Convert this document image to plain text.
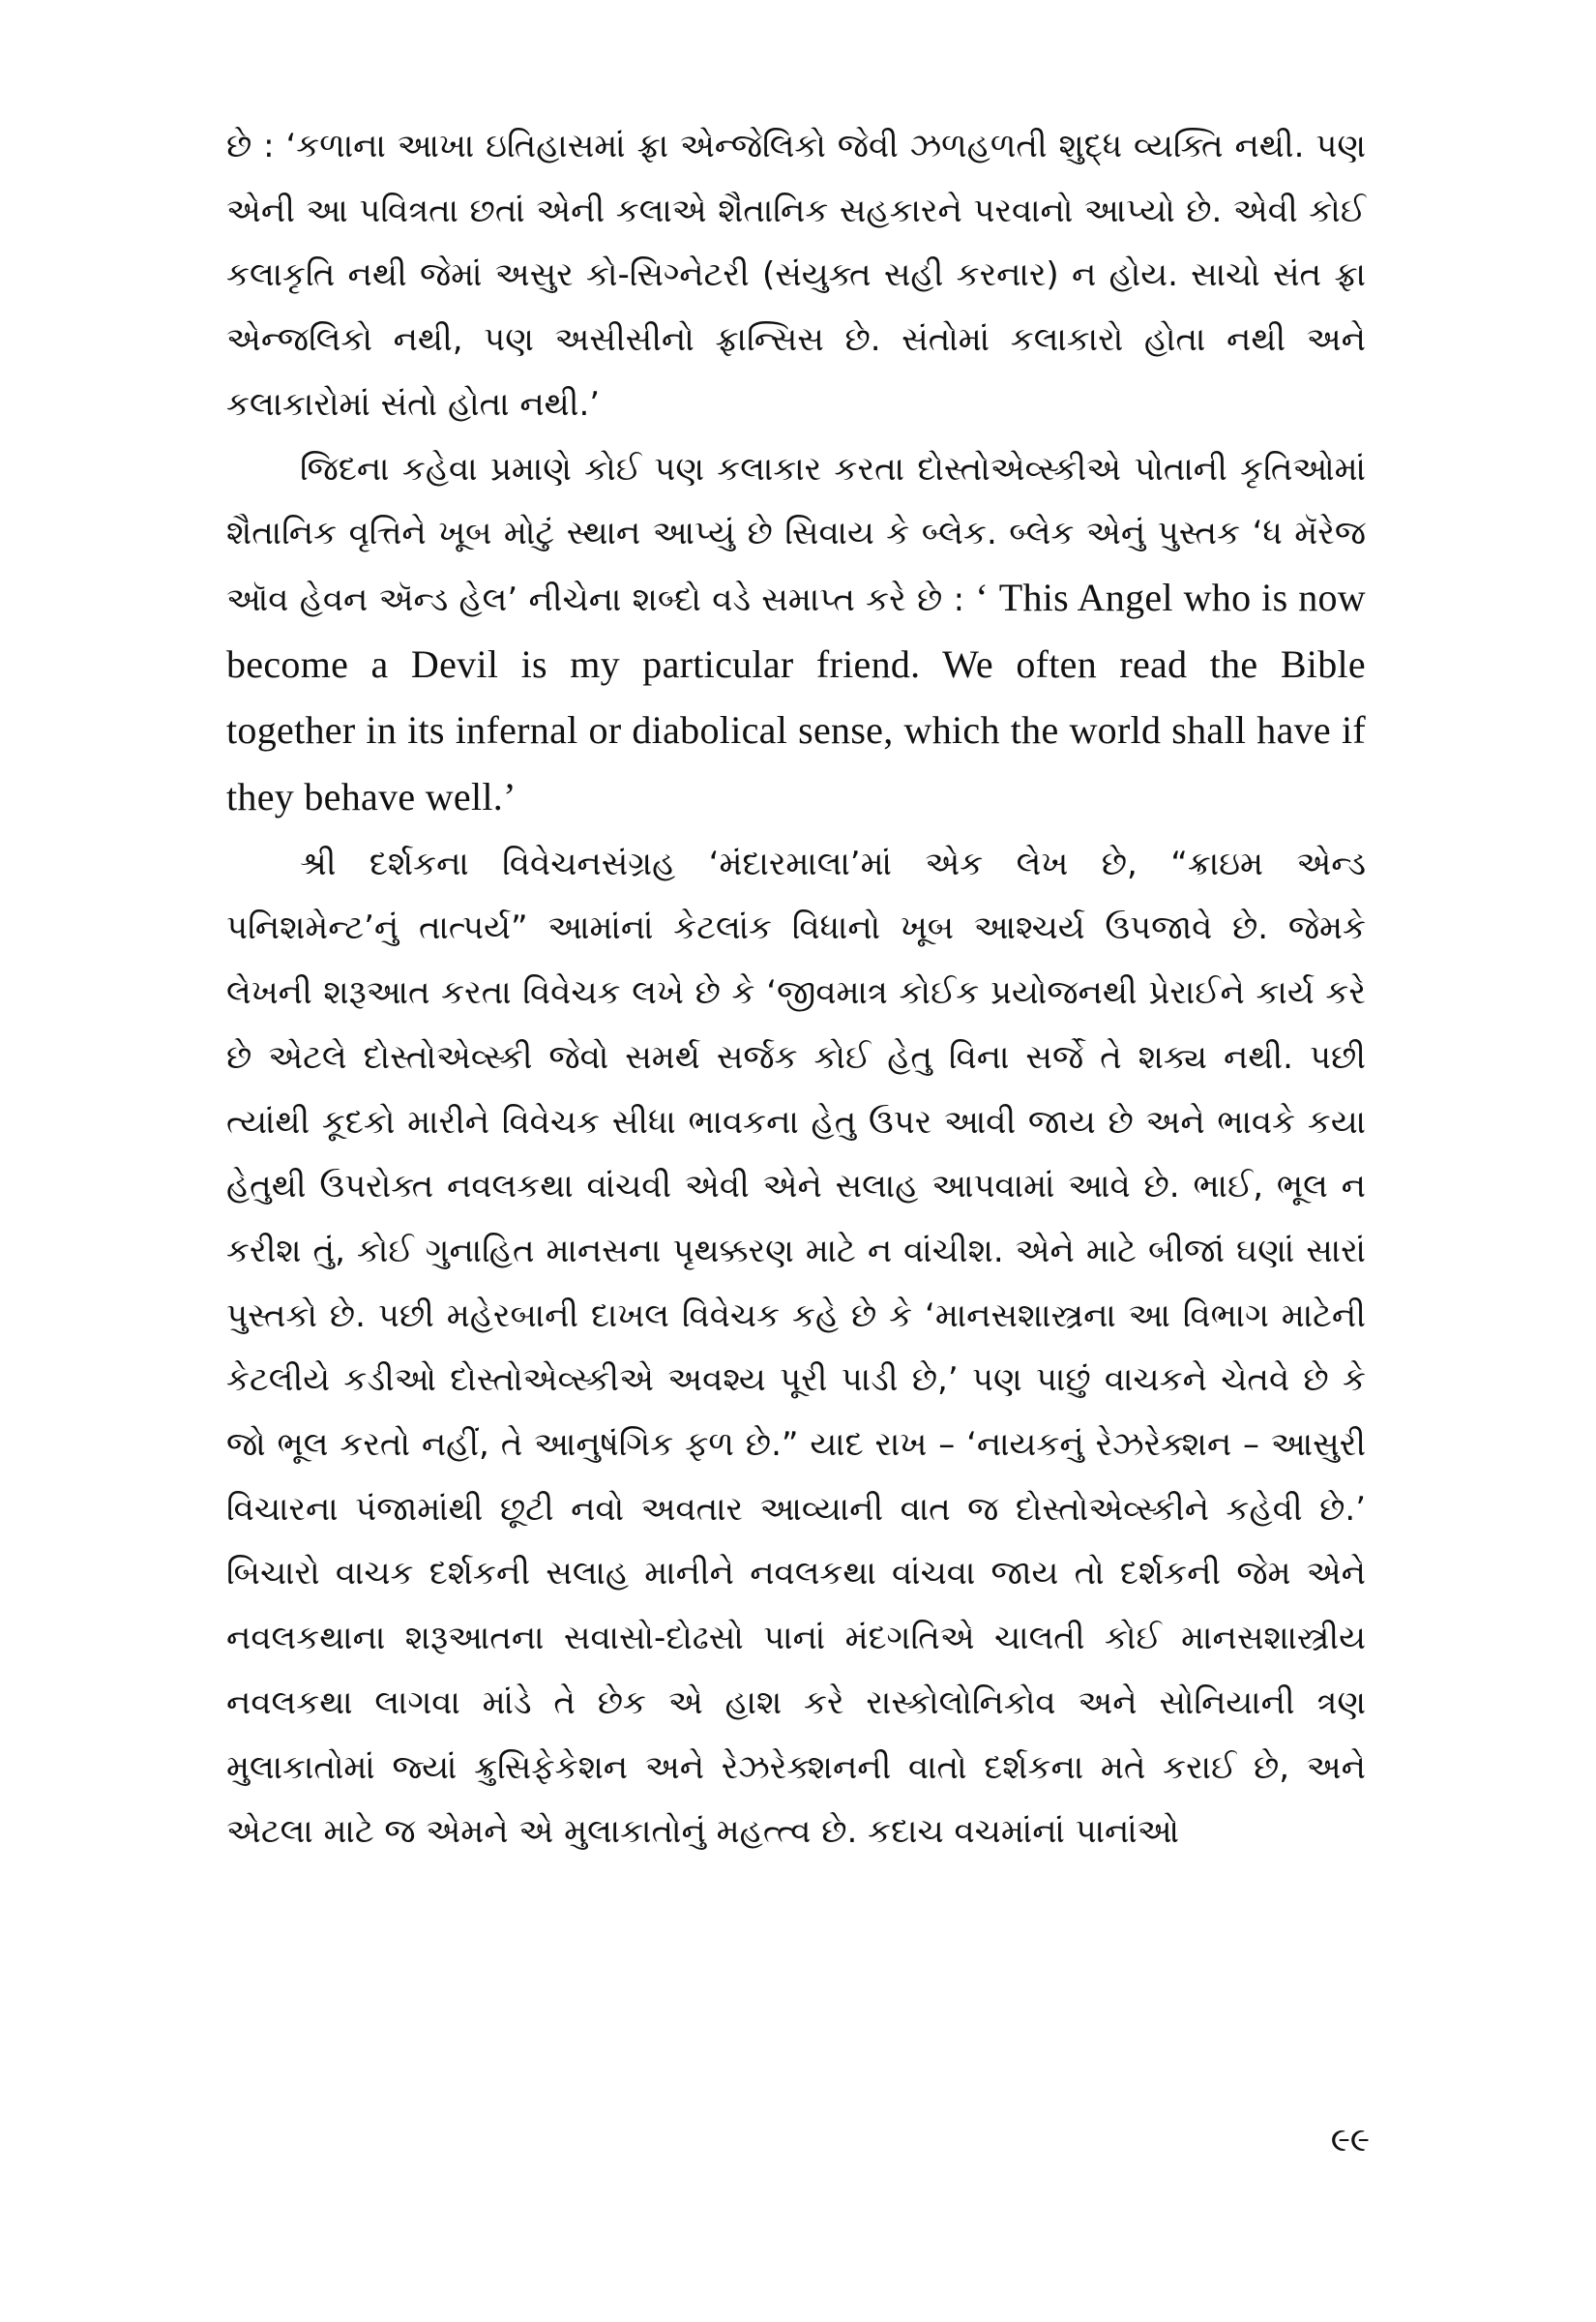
છે : ‘કળાના આખા ઇતિહાસમાં ફ્રા એન્જેલિકો જેવી ઝળહળતી શુદ્ધ વ્યક્તિ નથી. પણ એની આ પવિત્રતા છતાં એની કલાએ શૈતાનિક સહકારને પરવાનો આપ્યો છે. એવી કોઈ કલાકૃતિ નથી જેમાં અસુર કો-સિગ્નેટરી (સંયુક્ત સહી કરનાર) ન હોય. સાચો સંત ફ્રા એન્જલિકો નથી, પણ અસીસીનો ફ્રાન્સિસ છે. સંતોમાં કલાકારો હોતા નથી અને કલાકારોમાં સંતો હોતા નથી.’

જિદના કહેવા પ્રમાણે કોઈ પણ કલાકાર કરતા દોસ્તોએવ્સ્કીએ પોતાની કૃતિઓમાં શૈતાનિક વૃત્તિને ખૂબ મોટું સ્થાન આપ્યું છે સિવાય કે બ્લેક. બ્લેક એનું પુસ્તક ‘ધ મૅરેજ ઑવ હેવન ઍન્ડ હેલ’ નીચેના શબ્દો વડે સમાપ્ત કરે છે : ‘ This Angel who is now become a Devil is my particular friend. We often read the Bible together in its infernal or diabolical sense, which the world shall have if they behave well.’

શ્રી દર્શકના વિવેચનસંગ્રહ ‘મંદારમાલા’માં એક લેખ છે, “ક્રાઇમ એન્ડ પનિશમેન્ટ’નું તાત્પર્ય” આમાંનાં કેટલાંક વિધાનો ખૂબ આશ્ચર્ય ઉપજાવે છે. જેમકે લેખની શરૂઆત કરતા વિવેચક લખે છે કે ‘જીવમાત્ર કોઈક પ્રયોજનથી પ્રેરાઈને કાર્ય કરે છે એટલે દોસ્તોએવ્સ્કી જેવો સમર્થ સર્જક કોઈ હેતુ વિના સર્જે તે શક્ય નથી. પછી ત્યાંથી કૂદકો મારીને વિવેચક સીધા ભાવકના હેતુ ઉપર આવી જાય છે અને ભાવકે કયા હેતુથી ઉપરોક્ત નવલકથા વાંચવી એવી એને સલાહ આપવામાં આવે છે. ભાઈ, ભૂલ ન કરીશ તું, કોઈ ગુનાહિત માનસના પૃથક્કરણ માટે ન વાંચીશ. એને માટે બીજાં ઘણાં સારાં પુસ્તકો છે. પછી મહેરબાની દાખલ વિવેચક કહે છે કે ‘માનસશાસ્ત્રના આ વિભાગ માટેની કેટલીયે કડીઓ દોસ્તોએવ્સ્કીએ અવશ્ય પૂરી પાડી છે,’ પણ પાછું વાચકને ચેતવે છે કે જો ભૂલ કરતો નહીં, તે આનુષંગિક ફળ છે.” યાદ રાખ – ‘નાયકનું રેઝરેક્શન – આસુરી વિચારના પંજામાંથી છૂટી નવો અવતાર આવ્યાની વાત જ દોસ્તોએવ્સ્કીને કહેવી છે.’ બિચારો વાચક દર્શકની સલાહ માનીને નવલકથા વાંચવા જાય તો દર્શકની જેમ એને નવલકથાના શરૂઆતના સવાસો-દોઢસો પાનાં મંદગતિએ ચાલતી કોઈ માનસશાસ્ત્રીય નવલકથા લાગવા માંડે તે છેક એ હાશ કરે રાસ્કોલોનિકોવ અને સોનિયાની ત્રણ મુલાકાતોમાં જ્યાં ક્રુસિફેકેશન અને રેઝરેક્શનની વાતો દર્શકના મતે કરાઈ છે, અને એટલા માટે જ એમને એ મુલાકાતોનું મહત્ત્વ છે. કદાચ વચમાંનાં પાનાંઓ

૯૯
